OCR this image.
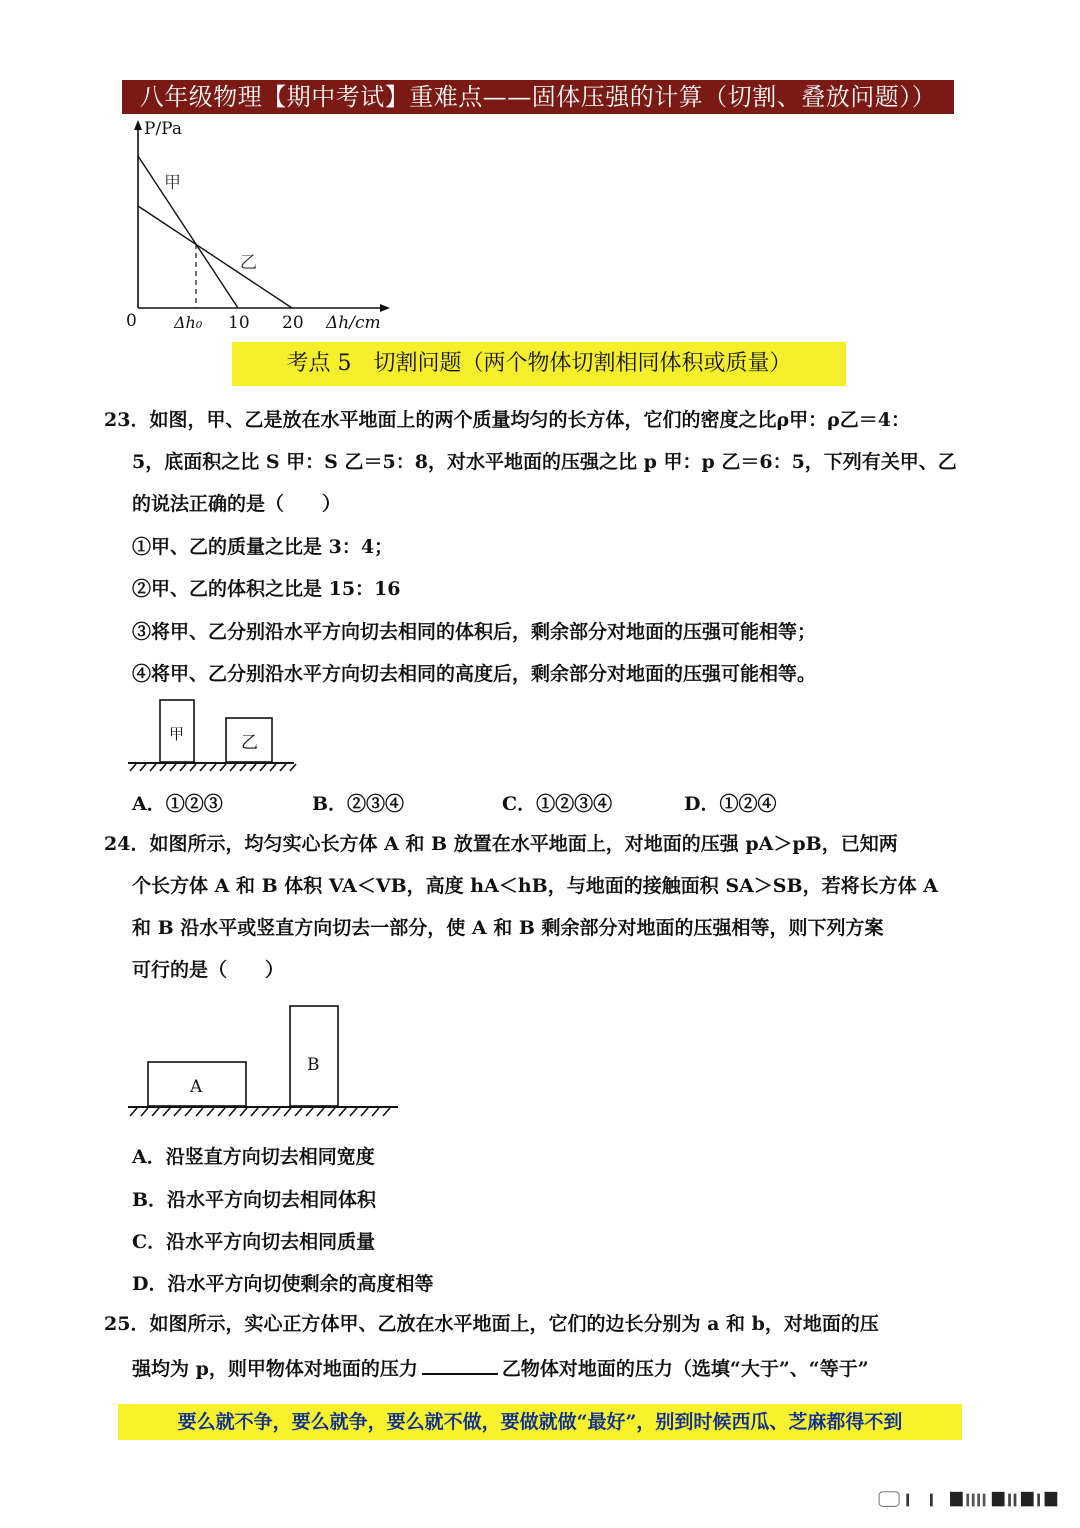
八年级物理【期中考试】重难点——固体压强的计算（切割、叠放问题））
P/Pa
甲
乙
0 Δh₀ 10 20 Δh/cm
考点 5　切割问题（两个物体切割相同体积或质量）
23．如图，甲、乙是放在水平地面上的两个质量均匀的长方体，它们的密度之比ρ甲：ρ乙＝4：
5，底面积之比 S 甲：S 乙＝5：8，对水平地面的压强之比 p 甲：p 乙＝6：5，下列有关甲、乙
的说法正确的是（　　）
①甲、乙的质量之比是 3：4；
②甲、乙的体积之比是 15：16
③将甲、乙分别沿水平方向切去相同的体积后，剩余部分对地面的压强可能相等；
④将甲、乙分别沿水平方向切去相同的高度后，剩余部分对地面的压强可能相等。
甲	乙
A．①②③	B．②③④	C．①②③④	D．①②④
24．如图所示，均匀实心长方体 A 和 B 放置在水平地面上，对地面的压强 pA＞pB，已知两
个长方体 A 和 B 体积 VA＜VB，高度 hA＜hB，与地面的接触面积 SA＞SB，若将长方体 A
和 B 沿水平或竖直方向切去一部分，使 A 和 B 剩余部分对地面的压强相等，则下列方案
可行的是（　　）
A
B
A．沿竖直方向切去相同宽度
B．沿水平方向切去相同体积
C．沿水平方向切去相同质量
D．沿水平方向切使剩余的高度相等
25．如图所示，实心正方体甲、乙放在水平地面上，它们的边长分别为 a 和 b，对地面的压
强均为 p，则甲物体对地面的压力	乙物体对地面的压力（选填“大于”、“等于”
要么就不争，要么就争，要么就不做，要做就做“最好”，别到时候西瓜、芝麻都得不到
